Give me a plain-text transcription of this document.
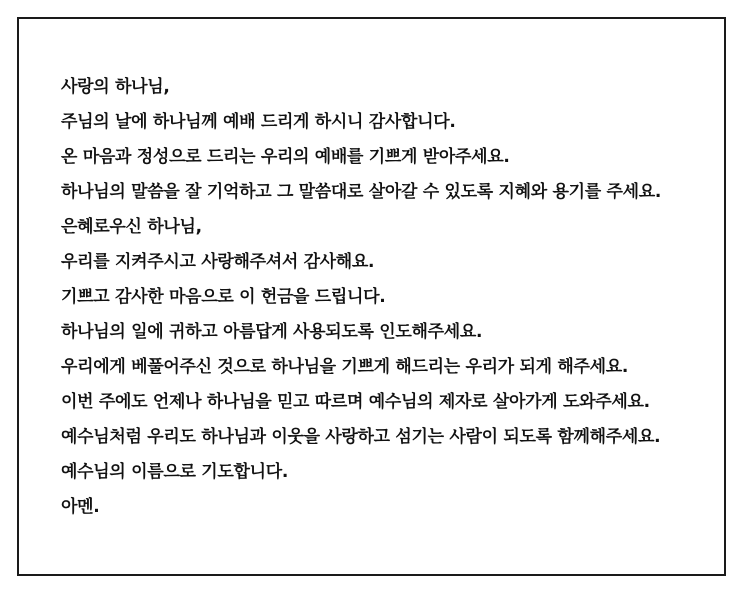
사랑의 하나님,
주님의 날에 하나님께 예배 드리게 하시니 감사합니다.
온 마음과 정성으로 드리는 우리의 예배를 기쁘게 받아주세요.
하나님의 말씀을 잘 기억하고 그 말씀대로 살아갈 수 있도록 지혜와 용기를 주세요.
은혜로우신 하나님,
우리를 지켜주시고 사랑해주셔서 감사해요.
기쁘고 감사한 마음으로 이 헌금을 드립니다.
하나님의 일에 귀하고 아름답게 사용되도록 인도해주세요.
우리에게 베풀어주신 것으로 하나님을 기쁘게 해드리는 우리가 되게 해주세요.
이번 주에도 언제나 하나님을 믿고 따르며 예수님의 제자로 살아가게 도와주세요.
예수님처럼 우리도 하나님과 이웃을 사랑하고 섬기는 사람이 되도록 함께해주세요.
예수님의 이름으로 기도합니다.
아멘.
